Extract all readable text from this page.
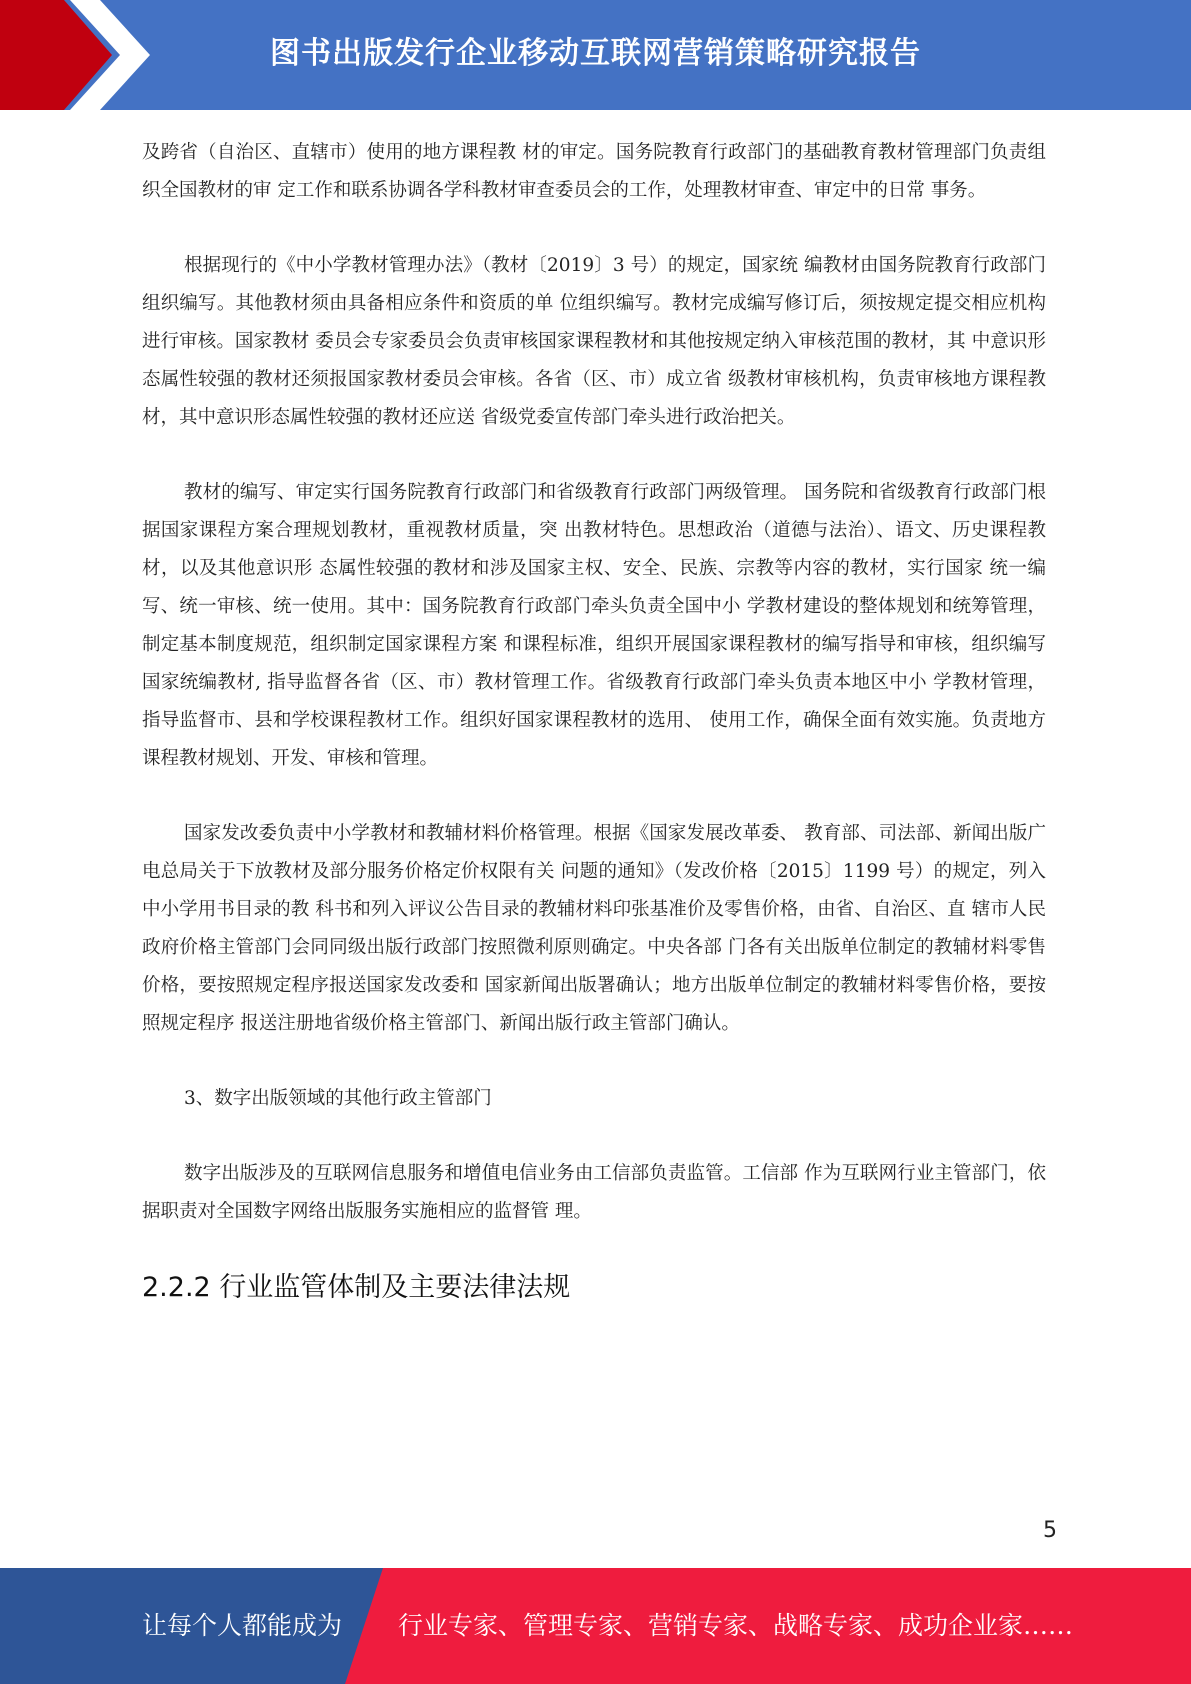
图书出版发行企业移动互联网营销策略研究报告

及跨省（自治区、直辖市）使用的地方课程教 材的审定。国务院教育行政部门的基础教育教材管理部门负责组织全国教材的审 定工作和联系协调各学科教材审查委员会的工作，处理教材审查、审定中的日常 事务。

根据现行的《中小学教材管理办法》（教材〔2019〕3 号）的规定，国家统 编教材由国务院教育行政部门组织编写。其他教材须由具备相应条件和资质的单 位组织编写。教材完成编写修订后，须按规定提交相应机构进行审核。国家教材 委员会专家委员会负责审核国家课程教材和其他按规定纳入审核范围的教材，其 中意识形态属性较强的教材还须报国家教材委员会审核。各省（区、市）成立省 级教材审核机构，负责审核地方课程教材，其中意识形态属性较强的教材还应送 省级党委宣传部门牵头进行政治把关。

教材的编写、审定实行国务院教育行政部门和省级教育行政部门两级管理。 国务院和省级教育行政部门根据国家课程方案合理规划教材，重视教材质量，突 出教材特色。思想政治（道德与法治）、语文、历史课程教材，以及其他意识形 态属性较强的教材和涉及国家主权、安全、民族、宗教等内容的教材，实行国家 统一编写、统一审核、统一使用。其中：国务院教育行政部门牵头负责全国中小 学教材建设的整体规划和统筹管理，制定基本制度规范，组织制定国家课程方案 和课程标准，组织开展国家课程教材的编写指导和审核，组织编写国家统编教材, 指导监督各省（区、市）教材管理工作。省级教育行政部门牵头负责本地区中小 学教材管理，指导监督市、县和学校课程教材工作。组织好国家课程教材的选用、 使用工作，确保全面有效实施。负责地方课程教材规划、开发、审核和管理。

国家发改委负责中小学教材和教辅材料价格管理。根据《国家发展改革委、 教育部、司法部、新闻出版广电总局关于下放教材及部分服务价格定价权限有关 问题的通知》（发改价格〔2015〕1199 号）的规定，列入中小学用书目录的教 科书和列入评议公告目录的教辅材料印张基准价及零售价格，由省、自治区、直 辖市人民政府价格主管部门会同同级出版行政部门按照微利原则确定。中央各部 门各有关出版单位制定的教辅材料零售价格，要按照规定程序报送国家发改委和 国家新闻出版署确认；地方出版单位制定的教辅材料零售价格，要按照规定程序 报送注册地省级价格主管部门、新闻出版行政主管部门确认。

3、数字出版领域的其他行政主管部门

数字出版涉及的互联网信息服务和增值电信业务由工信部负责监管。工信部 作为互联网行业主管部门，依据职责对全国数字网络出版服务实施相应的监督管 理。

2.2.2 行业监管体制及主要法律法规
5
让每个人都能成为 行业专家、管理专家、营销专家、战略专家、成功企业家……
